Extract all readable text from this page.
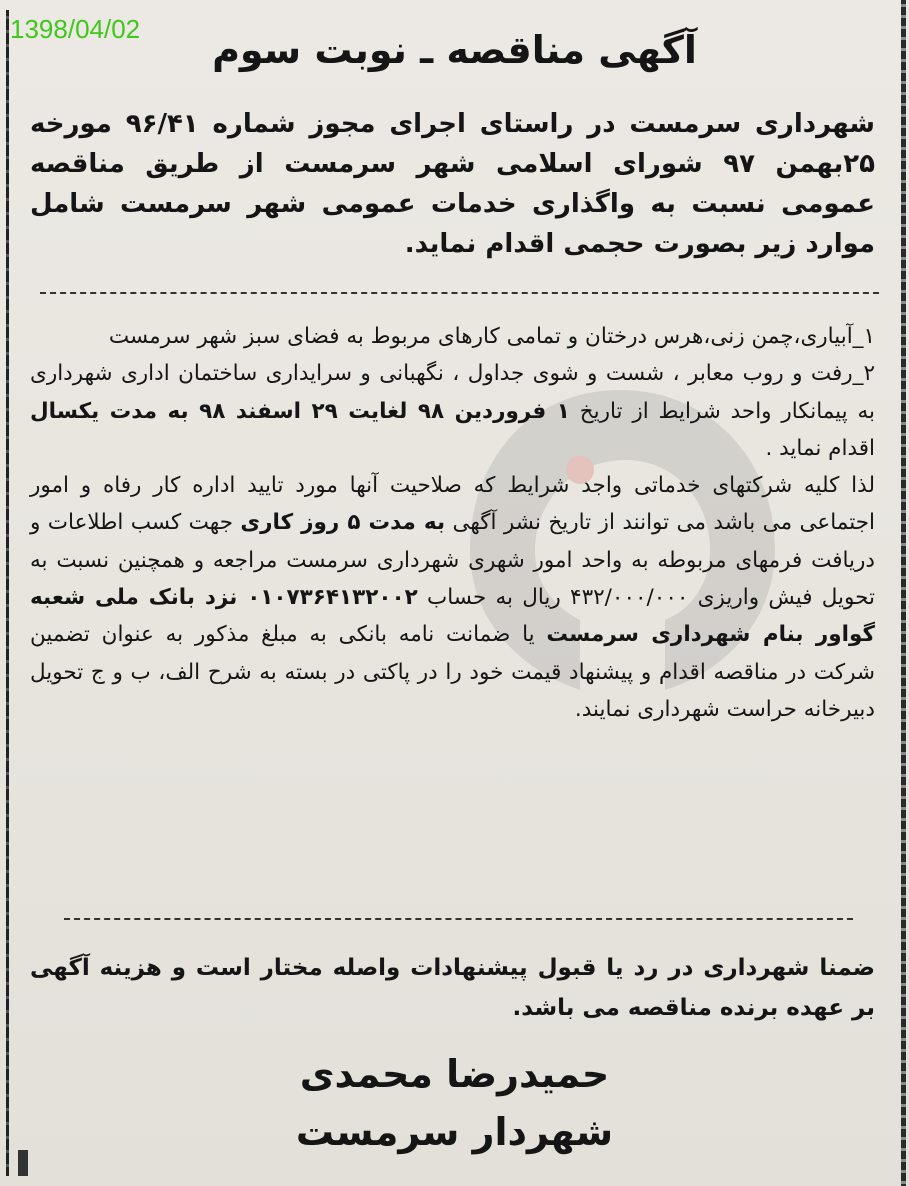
1398/04/02	آگهی مناقصه ـ نوبت سوم
شهرداری سرمست در راستای اجرای مجوز شماره ۹۶/۴۱ مورخه ۲۵بهمن ۹۷ شورای اسلامی شهر سرمست از طریق مناقصه عمومی نسبت به واگذاری خدمات عمومی شهر سرمست شامل موارد زیر بصورت حجمی اقدام نماید.

۱_آبیاری،چمن زنی،هرس درختان و تمامی کارهای مربوط به فضای سبز شهر سرمست

۲_رفت و روب معابر ، شست و شوی جداول ، نگهبانی و سرایداری ساختمان اداری شهرداری به پیمانکار واحد شرایط از تاریخ ۱ فروردین ۹۸ لغایت ۲۹ اسفند ۹۸ به مدت یکسال اقدام نماید .

لذا کلیه شرکتهای خدماتی واجد شرایط که صلاحیت آنها مورد تایید اداره کار رفاه و امور اجتماعی می باشد می توانند از تاریخ نشر آگهی به مدت ۵ روز کاری جهت کسب اطلاعات و دریافت فرمهای مربوطه به واحد امور شهری شهرداری سرمست مراجعه و همچنین نسبت به تحویل فیش واریزی ۴۳۲/۰۰۰/۰۰۰ ریال به حساب ۰۱۰۷۳۶۴۱۳۲۰۰۲ نزد بانک ملی شعبه گواور بنام شهرداری سرمست یا ضمانت نامه بانکی به مبلغ مذکور به عنوان تضمین شرکت در مناقصه اقدام و پیشنهاد قیمت خود را در پاکتی در بسته به شرح الف، ب و ج تحویل دبیرخانه حراست شهرداری نمایند.

ضمنا شهرداری در رد یا قبول پیشنهادات واصله مختار است و هزینه آگهی بر عهده برنده مناقصه می باشد.
حمیدرضا محمدی
شهردار سرمست
